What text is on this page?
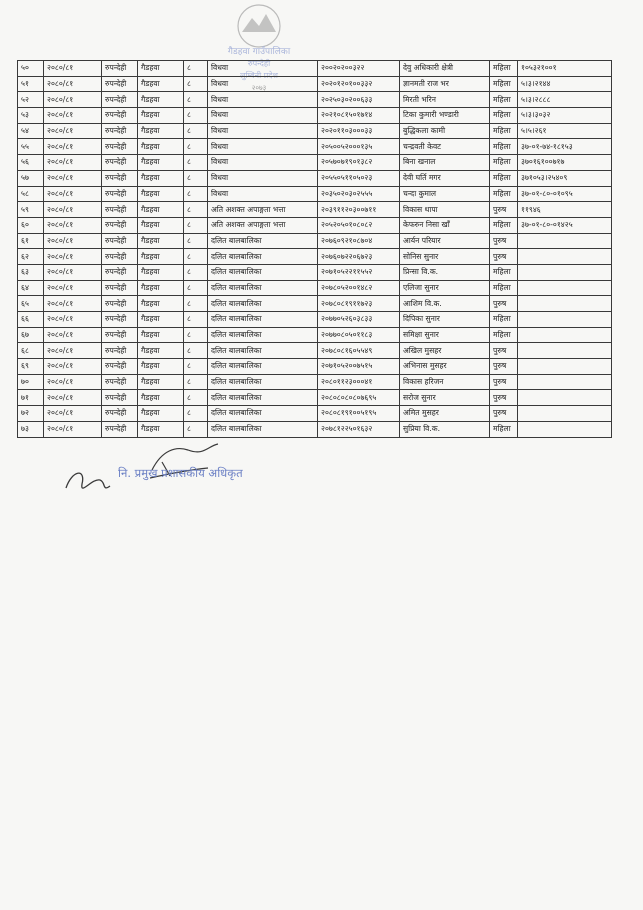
गैडहवा गाउँपालिका
रुपन्देही
लुम्बिनी प्रदेश
२०७३
५०	२०८०/८१	रुपन्देही	गैडहवा	८	विधवा	२००२०२००३२२	देवु अधिकारी क्षेत्री	महिला	१०५३२१००१
५१	२०८०/८१	रुपन्देही	गैडहवा	८	विधवा	२०२०१२०१००३३२	ज्ञानमती राज भर	महिला	५।३।२१४४
५२	२०८०/८१	रुपन्देही	गैडहवा	८	विधवा	२०२५०३०२००६३३	मिरती भरिन	महिला	५।३।२८८८
५३	२०८०/८१	रुपन्देही	गैडहवा	८	विधवा	२०२१०८१५०१७१४	टिका कुमारी भण्डारी	महिला	५।३।३०३२
५४	२०८०/८१	रुपन्देही	गैडहवा	८	विधवा	२०२०११०३०००३३	बुद्धिकला कामी	महिला	५।५।२६१
५५	२०८०/८१	रुपन्देही	गैडहवा	८	विधवा	२०५००५२०००१३५	चन्द्रवती केवट	महिला	३७-०१-७४-१८१५३
५६	२०८०/८१	रुपन्देही	गैडहवा	८	विधवा	२०५७०७१९०१३८२	बिना खनाल	महिला	३७०१६१००७१७
५७	२०८०/८१	रुपन्देही	गैडहवा	८	विधवा	२०५५०५११०५०२३	देवी घर्ति मगर	महिला	३७१०५३।२५४०९
५८	२०८०/८१	रुपन्देही	गैडहवा	८	विधवा	२०३५०२०३०२५५५	चन्दा कुमाल	महिला	३७-०१-८०-०१०९५
५९	२०८०/८१	रुपन्देही	गैडहवा	८	अति अशक्त अपाङ्गता भत्ता	२०३९११२०३००७११	विकास थापा	पुरुष	११९४६
६०	२०८०/८१	रुपन्देही	गैडहवा	८	अति अशक्त अपाङ्गता भत्ता	२०५२०५०१०८०८२	केफरुन निसा खाँ	महिला	३७-०१-८०-०१४२५
६१	२०८०/८१	रुपन्देही	गैडहवा	८	दलित बालबालिका	२०७६०९२१०८७०४	आर्यन परियार	पुरुष	
६२	२०८०/८१	रुपन्देही	गैडहवा	८	दलित बालबालिका	२०७६०७२२०६७२३	सोनिस सुनार	पुरुष	
६३	२०८०/८१	रुपन्देही	गैडहवा	८	दलित बालबालिका	२०७१०५२२११५५२	प्रिन्सा वि.क.	महिला	
६४	२०८०/८१	रुपन्देही	गैडहवा	८	दलित बालबालिका	२०७८०५२००१४८२	एलिजा सुनार	महिला	
६५	२०८०/८१	रुपन्देही	गैडहवा	८	दलित बालबालिका	२०७८०८१९११७२३	आशिम वि.क.	पुरुष	
६६	२०८०/८१	रुपन्देही	गैडहवा	८	दलित बालबालिका	२०७७०५२६०३८३३	दिपिका सुनार	महिला	
६७	२०८०/८१	रुपन्देही	गैडहवा	८	दलित बालबालिका	२०७७०८०५०११८३	समिक्षा सुनार	महिला	
६८	२०८०/८१	रुपन्देही	गैडहवा	८	दलित बालबालिका	२०७८०८१६०५५४९	अखिल मुसहर	पुरुष	
६९	२०८०/८१	रुपन्देही	गैडहवा	८	दलित बालबालिका	२०७१०५२००७५१५	अभिनास मुसहर	पुरुष	
७०	२०८०/८१	रुपन्देही	गैडहवा	८	दलित बालबालिका	२०८०११२३०००४१	विकास हरिजन	पुरुष	
७१	२०८०/८१	रुपन्देही	गैडहवा	८	दलित बालबालिका	२०८०८०८०८०७६९५	सरोज सुनार	पुरुष	
७२	२०८०/८१	रुपन्देही	गैडहवा	८	दलित बालबालिका	२०८०८१९१००५१९५	अमित मुसहर	पुरुष	
७३	२०८०/८१	रुपन्देही	गैडहवा	८	दलित बालबालिका	२०७८१२२५०१६३२	सुप्रिया वि.क.	महिला	
नि. प्रमुख प्रशासकीय अधिकृत
